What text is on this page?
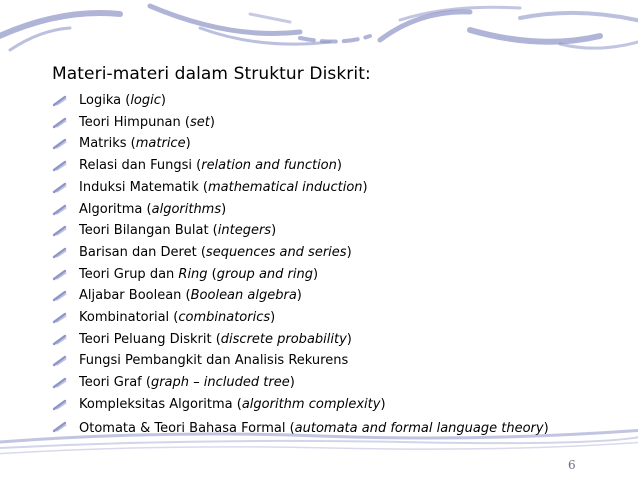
Materi-materi dalam Struktur Diskrit:
Logika (logic)
Teori Himpunan (set)
Matriks (matrice)
Relasi dan Fungsi (relation and function)
Induksi Matematik (mathematical induction)
Algoritma (algorithms)
Teori Bilangan Bulat (integers)
Barisan dan Deret (sequences and series)
Teori Grup dan Ring (group and ring)
Aljabar Boolean (Boolean algebra)
Kombinatorial (combinatorics)
Teori Peluang Diskrit (discrete probability)
Fungsi Pembangkit dan Analisis Rekurens
Teori Graf (graph – included tree)
Kompleksitas Algoritma (algorithm complexity)
Otomata & Teori Bahasa Formal (automata and formal language theory)
6
